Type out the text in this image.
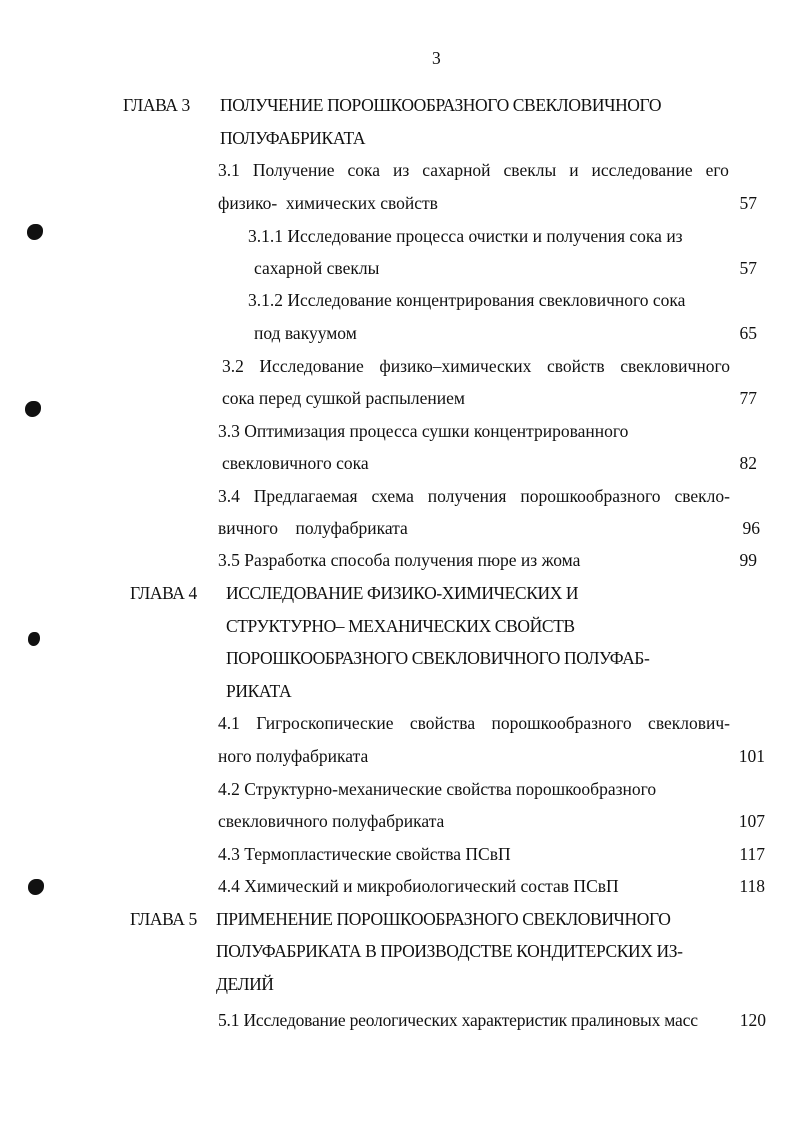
3
ГЛАВА 3 ПОЛУЧЕНИЕ ПОРОШКООБРАЗНОГО СВЕКЛОВИЧНОГО
ПОЛУФАБРИКАТА
3.1 Получение сока из сахарной свеклы и исследование его
физико-  химических свойств	57
3.1.1 Исследование процесса очистки и получения сока из
сахарной свеклы	57
3.1.2 Исследование концентрирования свекловичного сока
под вакуумом	65
3.2 Исследование физико–химических свойств свекловичного
сока перед сушкой распылением	77
3.3 Оптимизация процесса сушки концентрированного
свекловичного сока	82
3.4 Предлагаемая схема получения порошкообразного свекло-
вичного    полуфабриката	96
3.5 Разработка способа получения пюре из жома	99
ГЛАВА 4 ИССЛЕДОВАНИЕ ФИЗИКО-ХИМИЧЕСКИХ И
СТРУКТУРНО– МЕХАНИЧЕСКИХ СВОЙСТВ
ПОРОШКООБРАЗНОГО СВЕКЛОВИЧНОГО ПОЛУФАБ-
РИКАТА
4.1 Гигроскопические свойства порошкообразного свеклович-
ного полуфабриката	101
4.2 Структурно-механические свойства порошкообразного
свекловичного полуфабриката	107
4.3 Термопластические свойства ПСвП	117
4.4 Химический и микробиологический состав ПСвП	118
ГЛАВА 5 ПРИМЕНЕНИЕ ПОРОШКООБРАЗНОГО СВЕКЛОВИЧНОГО
ПОЛУФАБРИКАТА В ПРОИЗВОДСТВЕ КОНДИТЕРСКИХ ИЗ-
ДЕЛИЙ
5.1 Исследование реологических характеристик пралиновых масс	120
